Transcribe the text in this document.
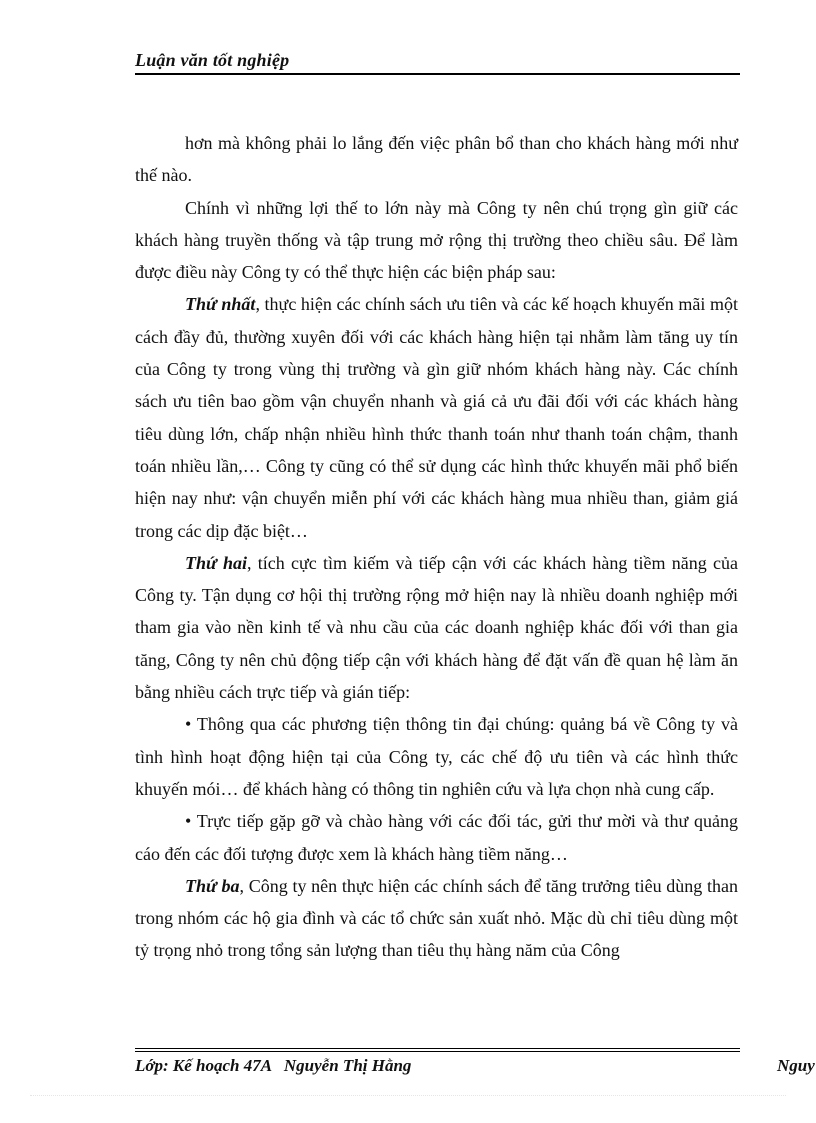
Luận văn tốt nghiệp

hơn mà không phải lo lắng đến việc phân bổ than cho khách hàng mới như thế nào.

Chính vì những lợi thế to lớn này mà Công ty nên chú trọng gìn giữ các khách hàng truyền thống và tập trung mở rộng thị trường theo chiều sâu. Để làm được điều này Công ty có thể thực hiện các biện pháp sau:

Thứ nhất, thực hiện các chính sách ưu tiên và các kế hoạch khuyến mãi một cách đầy đủ, thường xuyên đối với các khách hàng hiện tại nhằm làm tăng uy tín của Công ty trong vùng thị trường và gìn giữ nhóm khách hàng này. Các chính sách ưu tiên bao gồm vận chuyển nhanh và giá cả ưu đãi đối với các khách hàng tiêu dùng lớn, chấp nhận nhiều hình thức thanh toán như thanh toán chậm, thanh toán nhiều lần,… Công ty cũng có thể sử dụng các hình thức khuyến mãi phổ biến hiện nay như: vận chuyển miễn phí với các khách hàng mua nhiều than, giảm giá trong các dịp đặc biệt…

Thứ hai, tích cực tìm kiếm và tiếp cận với các khách hàng tiềm năng của Công ty. Tận dụng cơ hội thị trường rộng mở hiện nay là nhiều doanh nghiệp mới tham gia vào nền kinh tế và nhu cầu của các doanh nghiệp khác đối với than gia tăng, Công ty nên chủ động tiếp cận với khách hàng để đặt vấn đề quan hệ làm ăn bằng nhiều cách trực tiếp và gián tiếp:

• Thông qua các phương tiện thông tin đại chúng: quảng bá về Công ty và tình hình hoạt động hiện tại của Công ty, các chế độ ưu tiên và các hình thức khuyến mói… để khách hàng có thông tin nghiên cứu và lựa chọn nhà cung cấp.

• Trực tiếp gặp gỡ và chào hàng với các đối tác, gửi thư mời và thư quảng cáo đến các đối tượng được xem là khách hàng tiềm năng…

Thứ ba, Công ty nên thực hiện các chính sách để tăng trưởng tiêu dùng than trong nhóm các hộ gia đình và các tổ chức sản xuất nhỏ. Mặc dù chỉ tiêu dùng một tỷ trọng nhỏ trong tổng sản lượng than tiêu thụ hàng năm của Công

Lớp: Kế hoạch 47A   Nguyễn Thị Hằng	Nguy
